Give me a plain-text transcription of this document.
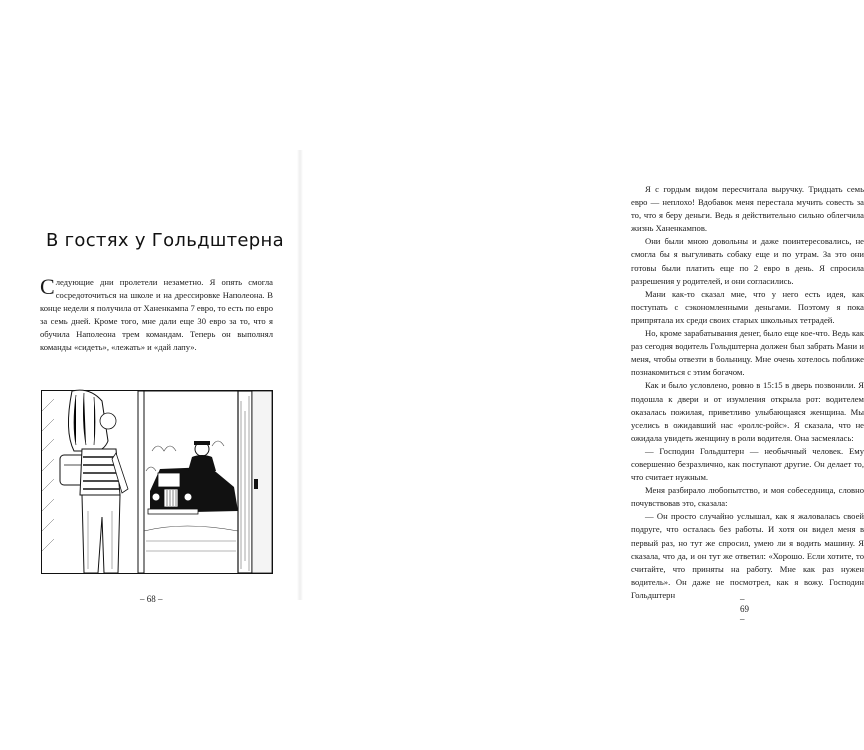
В гостях у Гольдштерна

Следующие дни пролетели незаметно. Я опять смогла сосредоточиться на школе и на дрессировке Наполеона. В конце недели я получила от Ханенкампа 7 евро, то есть по евро за семь дней. Кроме того, мне дали еще 30 евро за то, что я обучила Наполеона трем командам. Теперь он выполнял команды «сидеть», «лежать» и «дай лапу».

– 68 –

Я с гордым видом пересчитала выручку. Тридцать семь евро — неплохо! Вдобавок меня перестала мучить совесть за то, что я беру деньги. Ведь я действительно сильно облегчила жизнь Ханенкампов.

Они были мною довольны и даже поинтересовались, не смогла бы я выгуливать собаку еще и по утрам. За это они готовы были платить еще по 2 евро в день. Я спросила разрешения у родителей, и они согласились.

Мани как-то сказал мне, что у него есть идея, как поступать с сэкономленными деньгами. Поэтому я пока припрятала их среди своих старых школьных тетрадей.

Но, кроме зарабатывания денег, было еще кое-что. Ведь как раз сегодня водитель Гольдштерна должен был забрать Мани и меня, чтобы отвезти в больницу. Мне очень хотелось поближе познакомиться с этим богачом.

Как и было условлено, ровно в 15:15 в дверь позвонили. Я подошла к двери и от изумления открыла рот: водителем оказалась пожилая, приветливо улыбающаяся женщина. Мы уселись в ожидавший нас «роллс-ройс». Я сказала, что не ожидала увидеть женщину в роли водителя. Она засмеялась:

— Господин Гольдштерн — необычный человек. Ему совершенно безразлично, как поступают другие. Он делает то, что считает нужным.

Меня разбирало любопытство, и моя собеседница, словно почувствовав это, сказала:

— Он просто случайно услышал, как я жаловалась своей подруге, что осталась без работы. И хотя он видел меня в первый раз, но тут же спросил, умею ли я водить машину. Я сказала, что да, и он тут же ответил: «Хорошо. Если хотите, то считайте, что приняты на работу. Мне как раз нужен водитель». Он даже не посмотрел, как я вожу. Господин Гольдштерн	– 69 –
